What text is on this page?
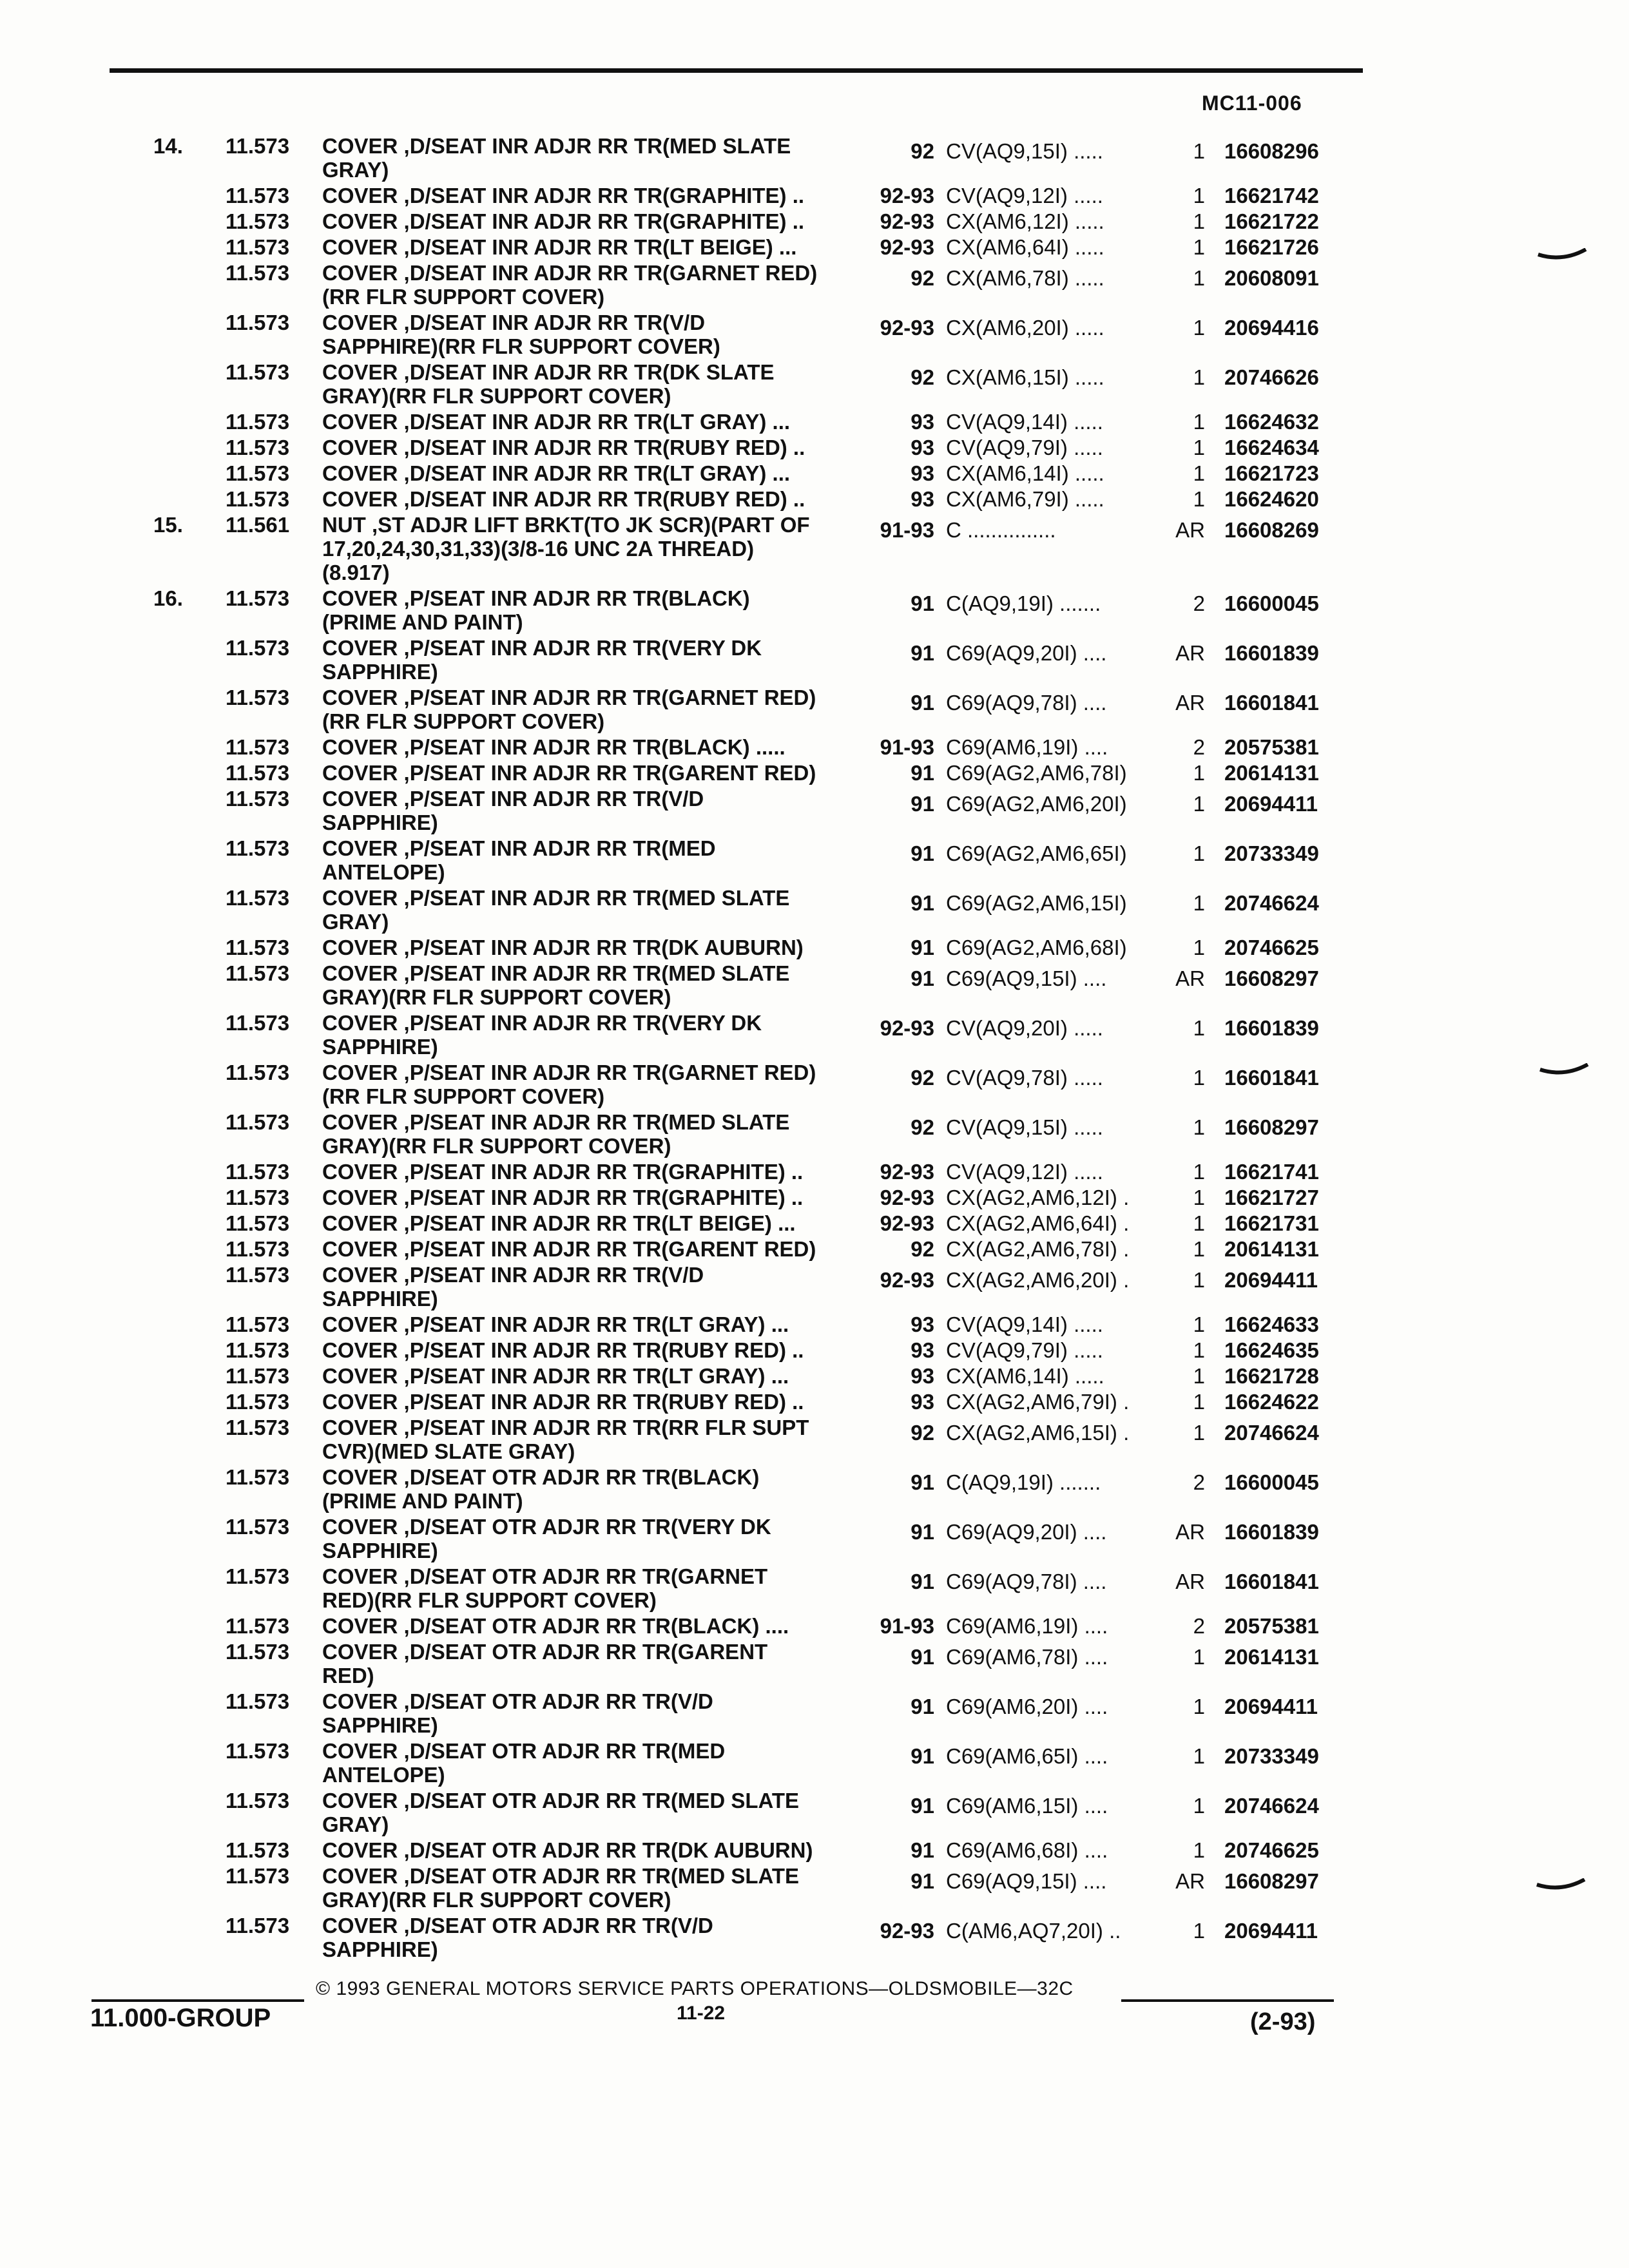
MC11-006
14. 11.573 COVER ,D/SEAT INR ADJR RR TR(MED SLATE
GRAY)
92 CV(AQ9,15I) .....	1 16608296
11.573 COVER ,D/SEAT INR ADJR RR TR(GRAPHITE) ..	92-93 CV(AQ9,12I) .....	1 16621742
11.573 COVER ,D/SEAT INR ADJR RR TR(GRAPHITE) ..	92-93 CX(AM6,12I) .....	1 16621722
11.573 COVER ,D/SEAT INR ADJR RR TR(LT BEIGE) ...	92-93 CX(AM6,64I) .....	1 16621726
11.573 COVER ,D/SEAT INR ADJR RR TR(GARNET RED)
(RR FLR SUPPORT COVER)
92 CX(AM6,78I) .....	1 20608091
11.573 COVER ,D/SEAT INR ADJR RR TR(V/D
SAPPHIRE)(RR FLR SUPPORT COVER)
92-93 CX(AM6,20I) .....	1 20694416
11.573 COVER ,D/SEAT INR ADJR RR TR(DK SLATE
GRAY)(RR FLR SUPPORT COVER)
92 CX(AM6,15I) .....	1 20746626
11.573 COVER ,D/SEAT INR ADJR RR TR(LT GRAY) ...	93 CV(AQ9,14I) .....	1 16624632
11.573 COVER ,D/SEAT INR ADJR RR TR(RUBY RED) ..	93 CV(AQ9,79I) .....	1 16624634
11.573 COVER ,D/SEAT INR ADJR RR TR(LT GRAY) ...	93 CX(AM6,14I) .....	1 16621723
11.573 COVER ,D/SEAT INR ADJR RR TR(RUBY RED) ..	93 CX(AM6,79I) .....	1 16624620
15. 11.561 NUT ,ST ADJR LIFT BRKT(TO JK SCR)(PART OF
17,20,24,30,31,33)(3/8-16 UNC 2A THREAD)
(8.917)
91-93 C ...............	AR 16608269
16. 11.573 COVER ,P/SEAT INR ADJR RR TR(BLACK)
(PRIME AND PAINT)
91 C(AQ9,19I) .......	2 16600045
11.573 COVER ,P/SEAT INR ADJR RR TR(VERY DK
SAPPHIRE)
91 C69(AQ9,20I) ....	AR 16601839
11.573 COVER ,P/SEAT INR ADJR RR TR(GARNET RED)
(RR FLR SUPPORT COVER)
91 C69(AQ9,78I) ....	AR 16601841
11.573 COVER ,P/SEAT INR ADJR RR TR(BLACK) .....	91-93 C69(AM6,19I) ....	2 20575381
11.573 COVER ,P/SEAT INR ADJR RR TR(GARENT RED)	91 C69(AG2,AM6,78I)	1 20614131
11.573 COVER ,P/SEAT INR ADJR RR TR(V/D
SAPPHIRE)
91 C69(AG2,AM6,20I)	1 20694411
11.573 COVER ,P/SEAT INR ADJR RR TR(MED
ANTELOPE)
91 C69(AG2,AM6,65I)	1 20733349
11.573 COVER ,P/SEAT INR ADJR RR TR(MED SLATE
GRAY)
91 C69(AG2,AM6,15I)	1 20746624
11.573 COVER ,P/SEAT INR ADJR RR TR(DK AUBURN)	91 C69(AG2,AM6,68I)	1 20746625
11.573 COVER ,P/SEAT INR ADJR RR TR(MED SLATE
GRAY)(RR FLR SUPPORT COVER)
91 C69(AQ9,15I) ....	AR 16608297
11.573 COVER ,P/SEAT INR ADJR RR TR(VERY DK
SAPPHIRE)
92-93 CV(AQ9,20I) .....	1 16601839
11.573 COVER ,P/SEAT INR ADJR RR TR(GARNET RED)
(RR FLR SUPPORT COVER)
92 CV(AQ9,78I) .....	1 16601841
11.573 COVER ,P/SEAT INR ADJR RR TR(MED SLATE
GRAY)(RR FLR SUPPORT COVER)
92 CV(AQ9,15I) .....	1 16608297
11.573 COVER ,P/SEAT INR ADJR RR TR(GRAPHITE) ..	92-93 CV(AQ9,12I) .....	1 16621741
11.573 COVER ,P/SEAT INR ADJR RR TR(GRAPHITE) ..	92-93 CX(AG2,AM6,12I) .	1 16621727
11.573 COVER ,P/SEAT INR ADJR RR TR(LT BEIGE) ...	92-93 CX(AG2,AM6,64I) .	1 16621731
11.573 COVER ,P/SEAT INR ADJR RR TR(GARENT RED)	92 CX(AG2,AM6,78I) .	1 20614131
11.573 COVER ,P/SEAT INR ADJR RR TR(V/D
SAPPHIRE)
92-93 CX(AG2,AM6,20I) .	1 20694411
11.573 COVER ,P/SEAT INR ADJR RR TR(LT GRAY) ...	93 CV(AQ9,14I) .....	1 16624633
11.573 COVER ,P/SEAT INR ADJR RR TR(RUBY RED) ..	93 CV(AQ9,79I) .....	1 16624635
11.573 COVER ,P/SEAT INR ADJR RR TR(LT GRAY) ...	93 CX(AM6,14I) .....	1 16621728
11.573 COVER ,P/SEAT INR ADJR RR TR(RUBY RED) ..	93 CX(AG2,AM6,79I) .	1 16624622
11.573 COVER ,P/SEAT INR ADJR RR TR(RR FLR SUPT
CVR)(MED SLATE GRAY)
92 CX(AG2,AM6,15I) .	1 20746624
11.573 COVER ,D/SEAT OTR ADJR RR TR(BLACK)
(PRIME AND PAINT)
91 C(AQ9,19I) .......	2 16600045
11.573 COVER ,D/SEAT OTR ADJR RR TR(VERY DK
SAPPHIRE)
91 C69(AQ9,20I) ....	AR 16601839
11.573 COVER ,D/SEAT OTR ADJR RR TR(GARNET
RED)(RR FLR SUPPORT COVER)
91 C69(AQ9,78I) ....	AR 16601841
11.573 COVER ,D/SEAT OTR ADJR RR TR(BLACK) ....	91-93 C69(AM6,19I) ....	2 20575381
11.573 COVER ,D/SEAT OTR ADJR RR TR(GARENT
RED)
91 C69(AM6,78I) ....	1 20614131
11.573 COVER ,D/SEAT OTR ADJR RR TR(V/D
SAPPHIRE)
91 C69(AM6,20I) ....	1 20694411
11.573 COVER ,D/SEAT OTR ADJR RR TR(MED
ANTELOPE)
91 C69(AM6,65I) ....	1 20733349
11.573 COVER ,D/SEAT OTR ADJR RR TR(MED SLATE
GRAY)
91 C69(AM6,15I) ....	1 20746624
11.573 COVER ,D/SEAT OTR ADJR RR TR(DK AUBURN)	91 C69(AM6,68I) ....	1 20746625
11.573 COVER ,D/SEAT OTR ADJR RR TR(MED SLATE
GRAY)(RR FLR SUPPORT COVER)
91 C69(AQ9,15I) ....	AR 16608297
11.573 COVER ,D/SEAT OTR ADJR RR TR(V/D
SAPPHIRE)
92-93 C(AM6,AQ7,20I) ..	1 20694411
11.000-GROUP
© 1993 GENERAL MOTORS SERVICE PARTS OPERATIONS—OLDSMOBILE—32C
11-22	(2-93)
